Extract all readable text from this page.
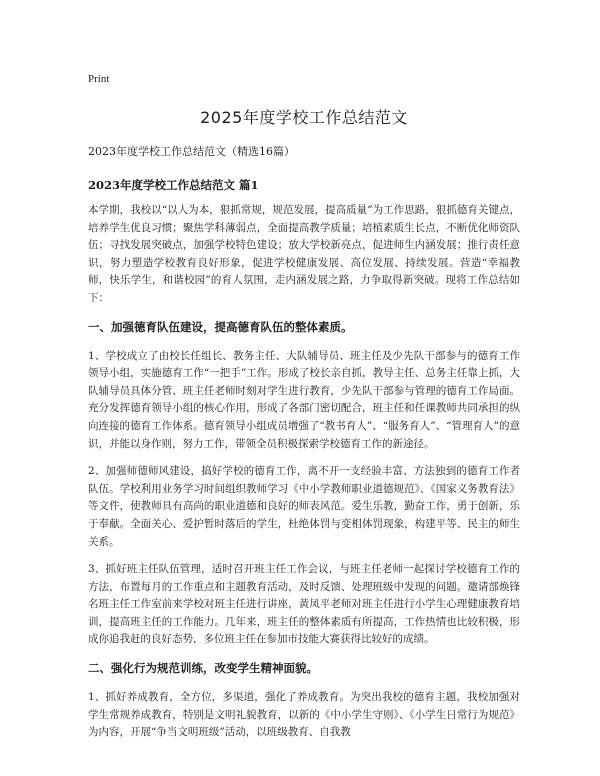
Print
2025年度学校工作总结范文
2023年度学校工作总结范文（精选16篇）
2023年度学校工作总结范文 篇1

本学期，我校以“以人为本，狠抓常规，规范发展，提高质量”为工作思路，狠抓德育关键点，培养学生优良习惯；聚焦学科薄弱点，全面提高教学质量；培植素质生长点，不断优化师资队伍；寻找发展突破点，加强学校特色建设；放大学校新亮点，促进师生内涵发展；推行责任意识，努力塑造学校教育良好形象，促进学校健康发展、高位发展、持续发展。营造“幸福教师，快乐学生，和谐校园”的育人氛围，走内涵发展之路，力争取得新突破。现将工作总结如下：

一、加强德育队伍建设，提高德育队伍的整体素质。

1、学校成立了由校长任组长、教务主任、大队辅导员、班主任及少先队干部参与的德育工作领导小组，实施德育工作“一把手”工作。形成了校长亲自抓，教导主任、总务主任靠上抓，大队辅导员具体分管、班主任老师时刻对学生进行教育，少先队干部参与管理的德育工作局面。充分发挥德育领导小组的核心作用，形成了各部门密切配合，班主任和任课教师共同承担的纵向连接的德育工作体系。德育领导小组成员增强了“教书育人”、“服务育人”、“管理育人”的意识，并能以身作则，努力工作，带领全员积极探索学校德育工作的新途径。

2、加强师德师风建设，搞好学校的德育工作，离不开一支经验丰富、方法独到的德育工作者队伍。学校利用业务学习时间组织教师学习《中小学教师职业道德规范》、《国家义务教育法》等文件，使教师具有高尚的职业道德和良好的师表风范。爱生乐教，勤奋工作，勇于创新，乐于奉献。全面关心、爱护暂时落后的学生，杜绝体罚与变相体罚现象，构建平等、民主的师生关系。

3、抓好班主任队伍管理，适时召开班主任工作会议，与班主任老师一起探讨学校德育工作的方法，布置每月的工作重点和主题教育活动，及时反馈、处理班级中发现的问题。邀请部焕锋名班主任工作室前来学校对班主任进行讲座，黄凤平老师对班主任进行小学生心理健康教育培训，提高班主任的工作能力。几年来，班主任的整体素质有所提高，工作热情也比较积极，形成你追我赶的良好态势，多位班主任在参加市技能大赛获得比较好的成绩。

二、强化行为规范训练，改变学生精神面貌。

1、抓好养成教育，全方位，多渠道，强化了养成教育。为突出我校的德育主题，我校加强对学生常规养成教育，特别是文明礼貌教育，以新的《中小学生守则》、《小学生日常行为规范》为内容，开展“争当文明班级”活动，以班级教育、自我教
